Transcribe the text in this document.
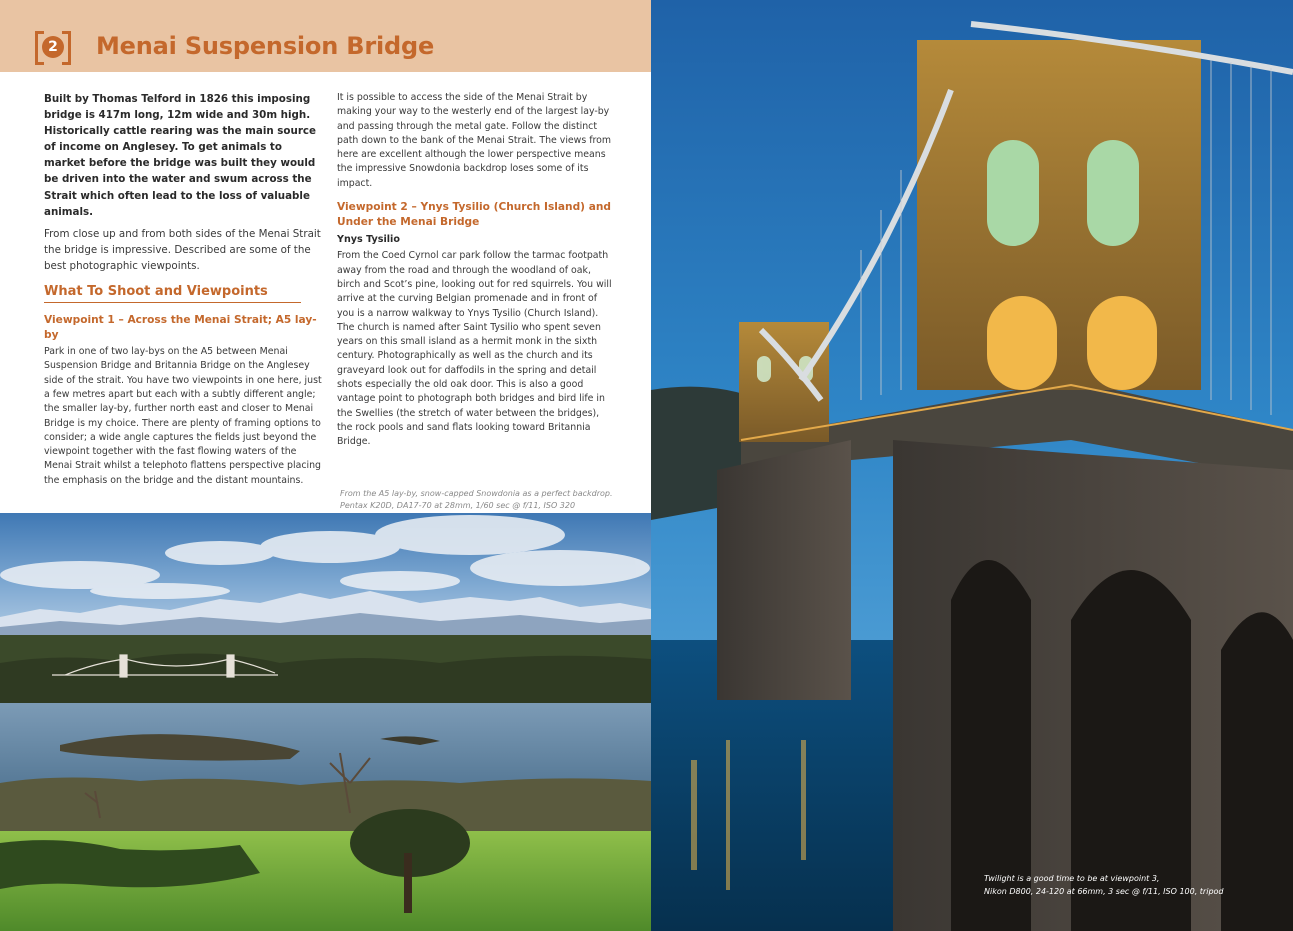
2 Menai Suspension Bridge

Built by Thomas Telford in 1826 this imposing bridge is 417m long, 12m wide and 30m high. Historically cattle rearing was the main source of income on Anglesey. To get animals to market before the bridge was built they would be driven into the water and swum across the Strait which often lead to the loss of valuable animals.

From close up and from both sides of the Menai Strait the bridge is impressive. Described are some of the best photographic viewpoints.

What To Shoot and Viewpoints
Viewpoint 1 – Across the Menai Strait; A5 lay-by

Park in one of two lay-bys on the A5 between Menai Suspension Bridge and Britannia Bridge on the Anglesey side of the strait. You have two viewpoints in one here, just a few metres apart but each with a subtly different angle; the smaller lay-by, further north east and closer to Menai Bridge is my choice. There are plenty of framing options to consider; a wide angle captures the fields just beyond the viewpoint together with the fast flowing waters of the Menai Strait whilst a telephoto flattens perspective placing the emphasis on the bridge and the distant mountains.

It is possible to access the side of the Menai Strait by making your way to the westerly end of the largest lay-by and passing through the metal gate. Follow the distinct path down to the bank of the Menai Strait. The views from here are excellent although the lower perspective means the impressive Snowdonia backdrop loses some of its impact.

Viewpoint 2 – Ynys Tysilio (Church Island) and Under the Menai Bridge
Ynys Tysilio

From the Coed Cyrnol car park follow the tarmac footpath away from the road and through the woodland of oak, birch and Scot’s pine, looking out for red squirrels. You will arrive at the curving Belgian promenade and in front of you is a narrow walkway to Ynys Tysilio (Church Island). The church is named after Saint Tysilio who spent seven years on this small island as a hermit monk in the sixth century. Photographically as well as the church and its graveyard look out for daffodils in the spring and detail shots especially the old oak door. This is also a good vantage point to photograph both bridges and bird life in the Swellies (the stretch of water between the bridges), the rock pools and sand flats looking toward Britannia Bridge.

From the A5 lay-by, snow-capped Snowdonia as a perfect backdrop.
Pentax K20D, DA17-70 at 28mm, 1/60 sec @ f/11, ISO 320
Twilight is a good time to be at viewpoint 3,
Nikon D800, 24-120 at 66mm, 3 sec @ f/11, ISO 100, tripod
